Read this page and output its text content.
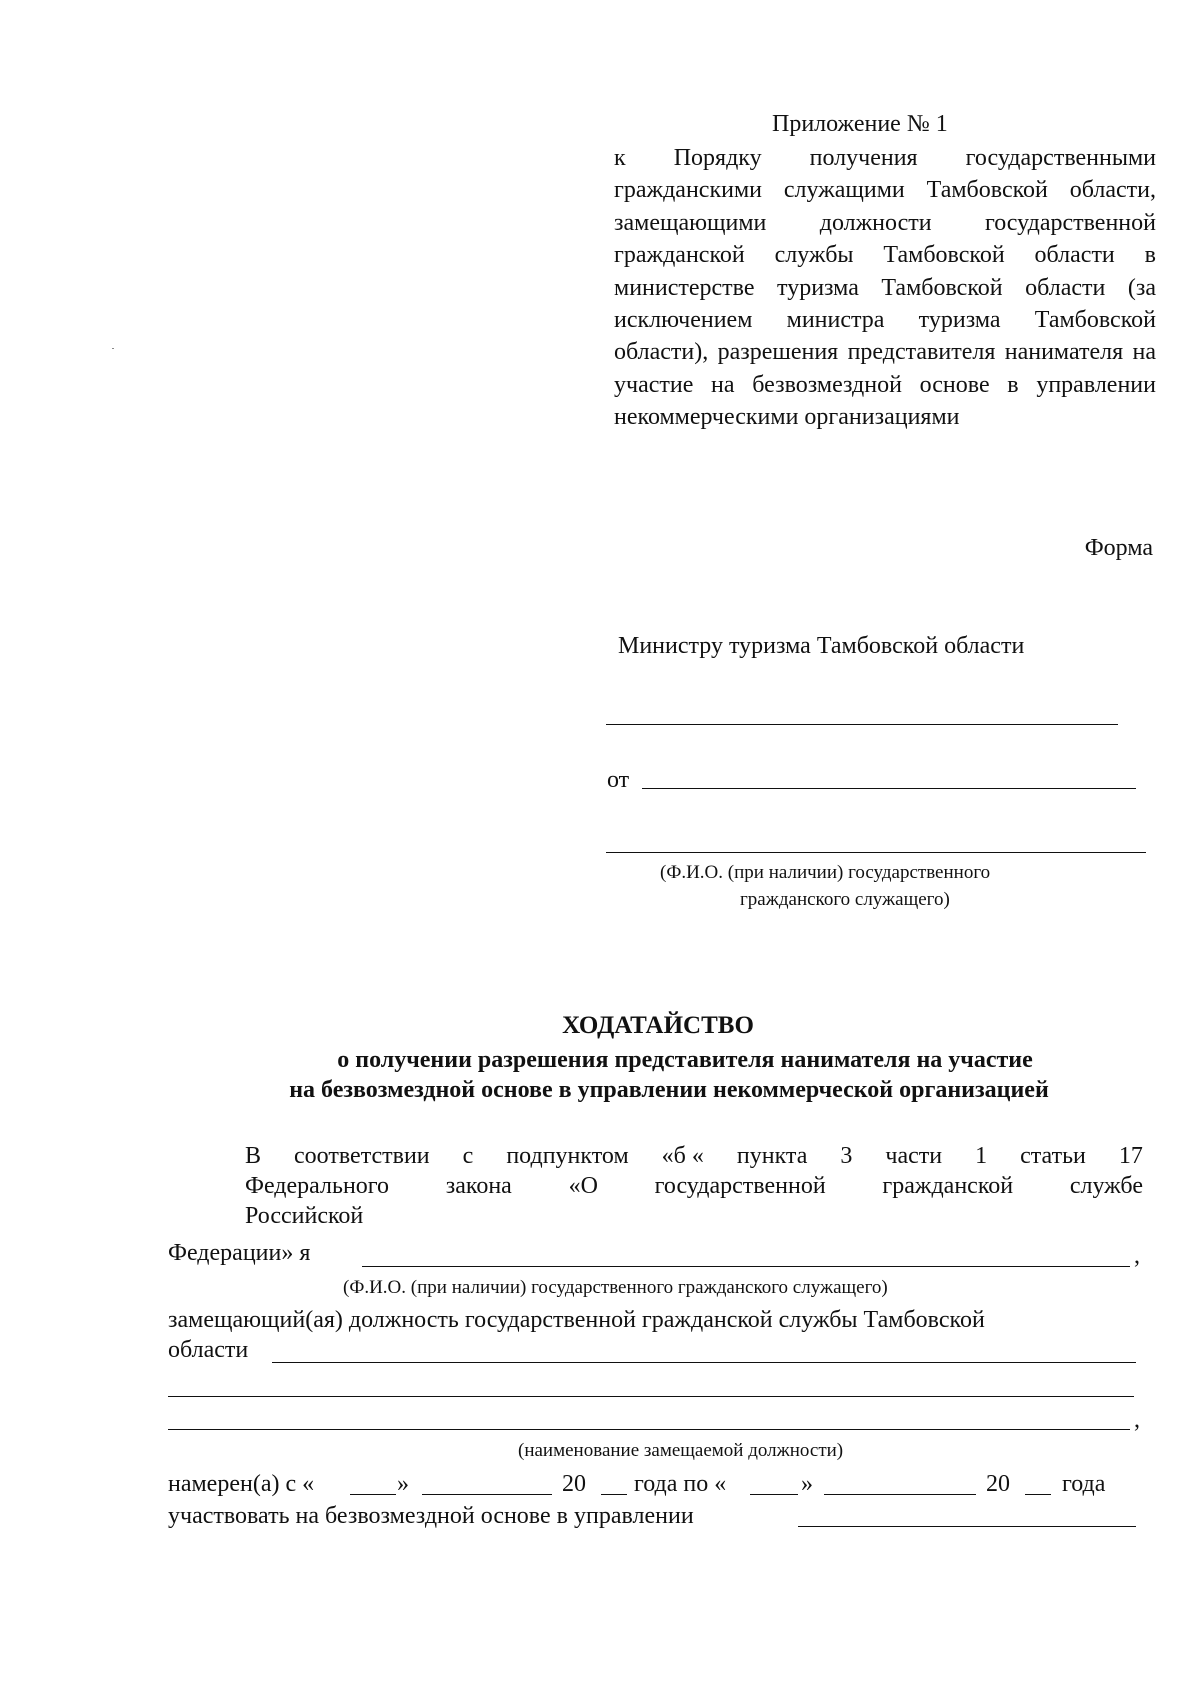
Приложение № 1
к Порядку получения государственными гражданскими служащими Тамбовской области, замещающими должности государственной гражданской службы Тамбовской области в министерстве туризма Тамбовской области (за исключением министра туризма Тамбовской области), разрешения представителя нанимателя на участие на безвозмездной основе в управлении некоммерческими организациями
Форма
Министру туризма Тамбовской области
от
(Ф.И.О. (при наличии) государственного
гражданского служащего)
ХОДАТАЙСТВО
о получении разрешения представителя нанимателя на участие
на безвозмездной основе в управлении некоммерческой организацией
В соответствии с подпунктом «б « пункта 3 части 1 статьи 17
Федерального закона «О государственной гражданской службе
Российской
Федерации» я	,
(Ф.И.О. (при наличии) государственного гражданского служащего)
замещающий(ая) должность государственной гражданской службы Тамбовской
области
,
(наименование замещаемой должности)
намерен(а) с «	»	20 года по «	»	20 года
участвовать на безвозмездной основе в управлении
